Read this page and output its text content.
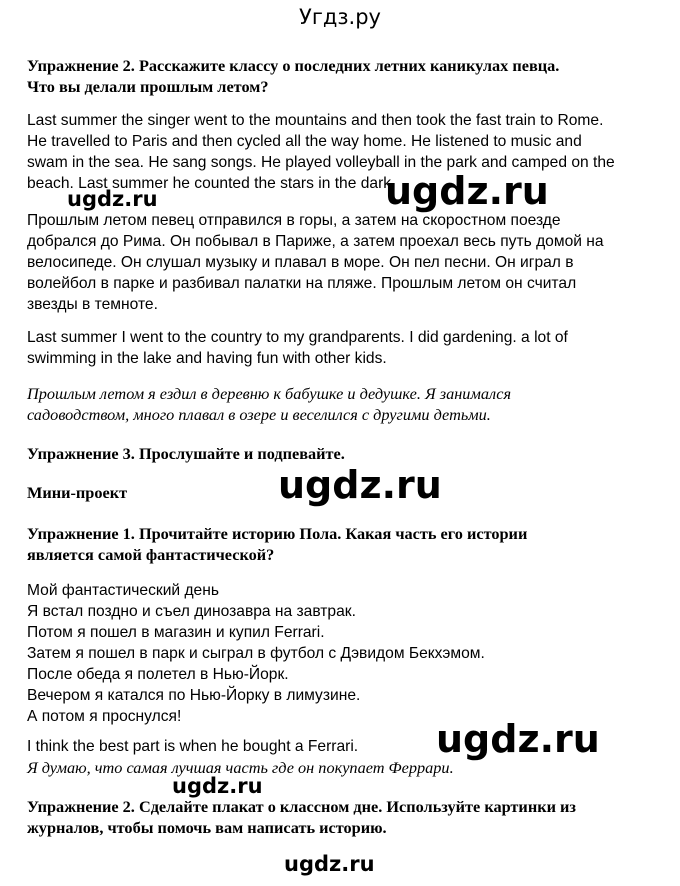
Угдз.ру

Упражнение 2. Расскажите классу о последних летних каникулах певца.
Что вы делали прошлым летом?

Last summer the singer went to the mountains and then took the fast train to Rome.
He travelled to Paris and then cycled all the way home. He listened to music and
swam in the sea. He sang songs. He played volleyball in the park and camped on the
beach. Last summer he counted the stars in the dark.

Прошлым летом певец отправился в горы, а затем на скоростном поезде
добрался до Рима. Он побывал в Париже, а затем проехал весь путь домой на
велосипеде. Он слушал музыку и плавал в море. Он пел песни. Он играл в
волейбол в парке и разбивал палатки на пляже. Прошлым летом он считал
звезды в темноте.

Last summer I went to the country to my grandparents. I did gardening. a lot of
swimming in the lake and having fun with other kids.

Прошлым летом я ездил в деревню к бабушке и дедушке. Я занимался
садоводством, много плавал в озере и веселился с другими детьми.

Упражнение 3. Прослушайте и подпевайте.

Мини-проект

Упражнение 1. Прочитайте историю Пола. Какая часть его истории
является самой фантастической?

Мой фантастический день
Я встал поздно и съел динозавра на завтрак.
Потом я пошел в магазин и купил Ferrari.
Затем я пошел в парк и сыграл в футбол с Дэвидом Бекхэмом.
После обеда я полетел в Нью-Йорк.
Вечером я катался по Нью-Йорку в лимузине.
А потом я проснулся!

I think the best part is when he bought a Ferrari.

Я думаю, что самая лучшая часть где он покупает Феррари.

Упражнение 2. Сделайте плакат о классном дне. Используйте картинки из
журналов, чтобы помочь вам написать историю.

ugdz.ru	ugdz.ru
ugdz.ru
ugdz.ru
ugdz.ru
ugdz.ru
